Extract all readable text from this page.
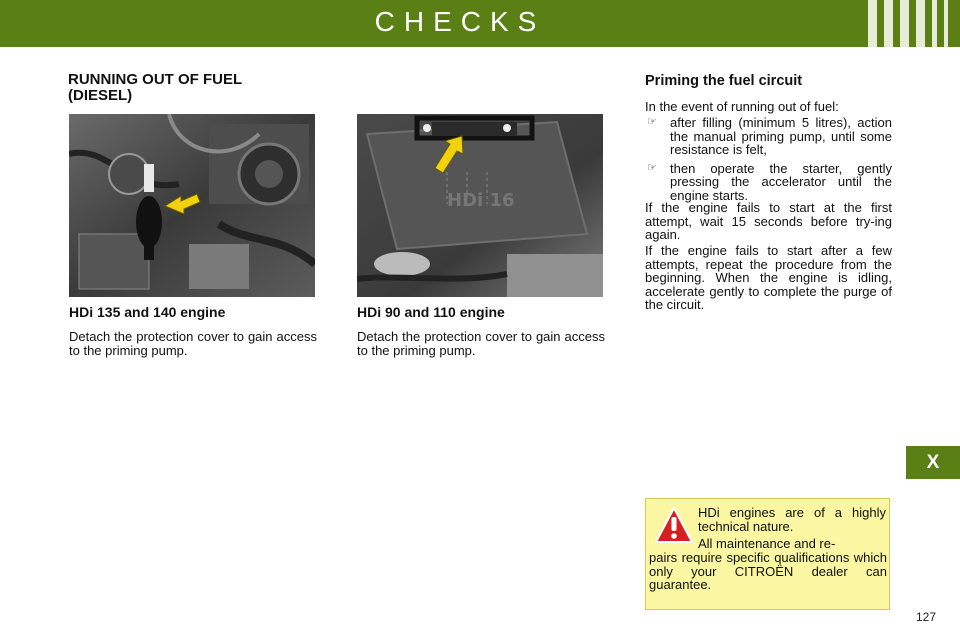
CHECKS
X
RUNNING OUT OF FUEL
(DIESEL)
HDi 16
HDi 135 and 140 engine
Detach the protection cover to gain access to the priming pump.
HDi 90 and 110 engine
Detach the protection cover to gain access to the priming pump.
Priming the fuel circuit
In the event of running out of fuel:
☞ after filling (minimum 5 litres), action the manual priming pump, until some resistance is felt,
☞ then operate the starter, gently pressing the accelerator until the engine starts.
If the engine fails to start at the first attempt, wait 15 seconds before try-ing again.
If the engine fails to start after a few attempts, repeat the procedure from the beginning. When the engine is idling, accelerate gently to complete the purge of the circuit.
HDi engines are of a highly technical nature.
All maintenance and re-
pairs require specific qualifications which only your CITROËN dealer can guarantee.
127
